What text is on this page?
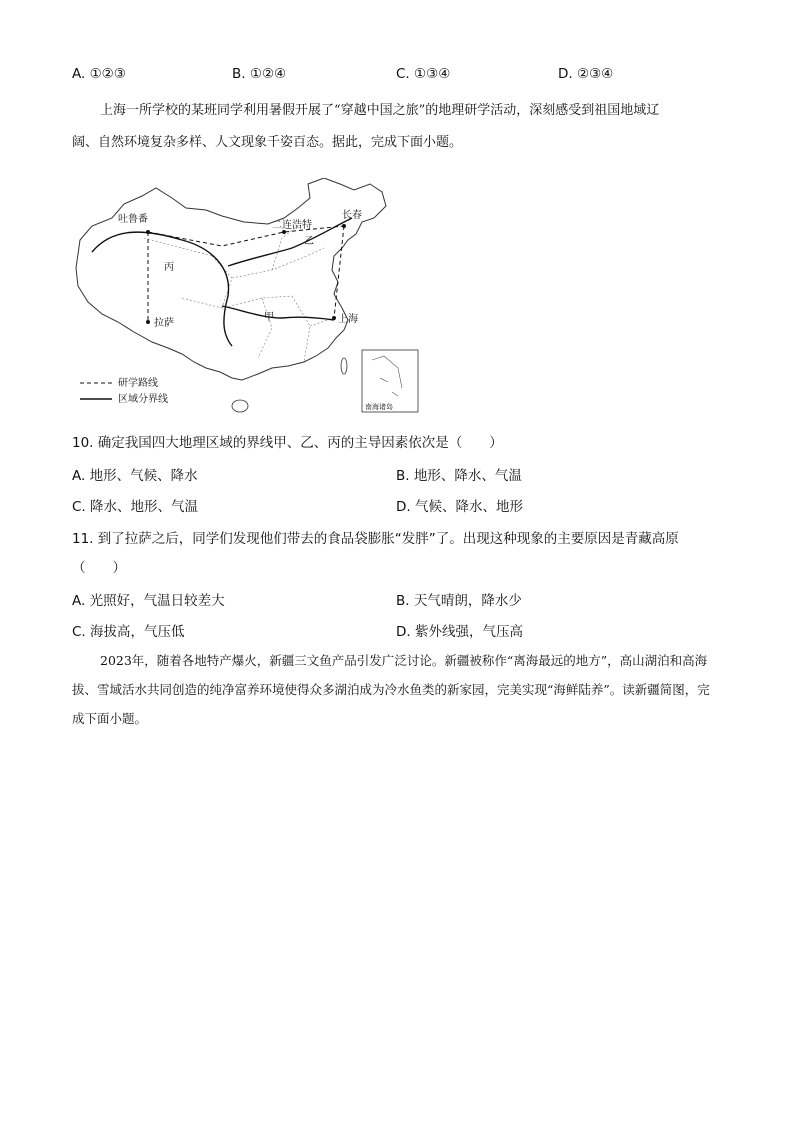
A. ①②③	B. ①②④	C. ①③④	D. ②③④
上海一所学校的某班同学利用暑假开展了“穿越中国之旅”的地理研学活动，深刻感受到祖国地域辽
阔、自然环境复杂多样、人文现象千姿百态。据此，完成下面小题。
吐鲁番
拉萨
长春
上海
二连浩特
丙
甲
乙
南海诸岛
研学路线
区域分界线
10. 确定我国四大地理区域的界线甲、乙、丙的主导因素依次是（　　）
A. 地形、气候、降水	B. 地形、降水、气温
C. 降水、地形、气温	D. 气候、降水、地形
11. 到了拉萨之后，同学们发现他们带去的食品袋膨胀“发胖”了。出现这种现象的主要原因是青藏高原
（　　）
A. 光照好，气温日较差大	B. 天气晴朗，降水少
C. 海拔高，气压低	D. 紫外线强，气压高
2023年，随着各地特产爆火，新疆三文鱼产品引发广泛讨论。新疆被称作“离海最远的地方”，高山湖泊和高海拔、雪域活水共同创造的纯净富养环境使得众多湖泊成为冷水鱼类的新家园，完美实现“海鲜陆养”。读新疆简图，完成下面小题。
